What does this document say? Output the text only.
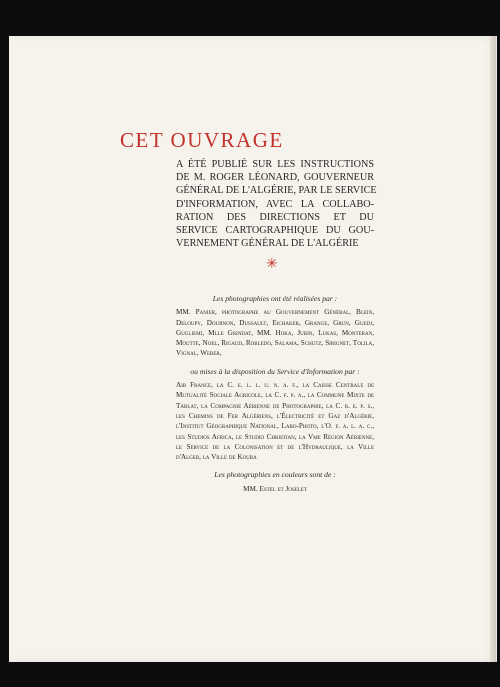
CET OUVRAGE
A ÉTÉ PUBLIÉ SUR LES INSTRUCTIONS
DE M. ROGER LÉONARD, GOUVERNEUR
GÉNÉRAL DE L'ALGÉRIE, PAR LE SERVICE
D'INFORMATION, AVEC LA COLLABO-
RATION DES DIRECTIONS ET DU
SERVICE CARTOGRAPHIQUE DU GOU-
VERNEMENT GÉNÉRAL DE L'ALGÉRIE
✳
Les photographies ont été réalisées par :
MM. Panier, photographe au Gouvernement Général, Blein, Deloupy, Dournon, Dussault, Eichaker, Grange, Grun, Guedj, Gugliemi, Mlle Grindat, MM. Hoka, Jubin, Lukas, Monteran, Moutte, Noel, Rigaud, Robledo, Salama, Schutz, Sirignet, Tolila, Vignal, Weber,
ou mises à la disposition du Service d'Information par :
Air France, la C. e. l. l. u. n. a. f., la Caisse Centrale de Mutualité Sociale Agricole, la C. f. p. a., la Commune Mixte de Tablat, la Compagnie Aérienne de Photographie, la C. r. e. p. s., les Chemins de Fer Algériens, l'Électricité et Gaz d'Algérie, l'Institut Géographique National, Labo-Photo, l'O. f. a. l. a. c., les Studios Africa, le Studio Christian, la Vme Région Aérienne, le Service de la Colonisation et de l'Hydraulique, la Ville d'Alger, la Ville de Kouba
Les photographies en couleurs sont de :
MM. Estel et Joselet
